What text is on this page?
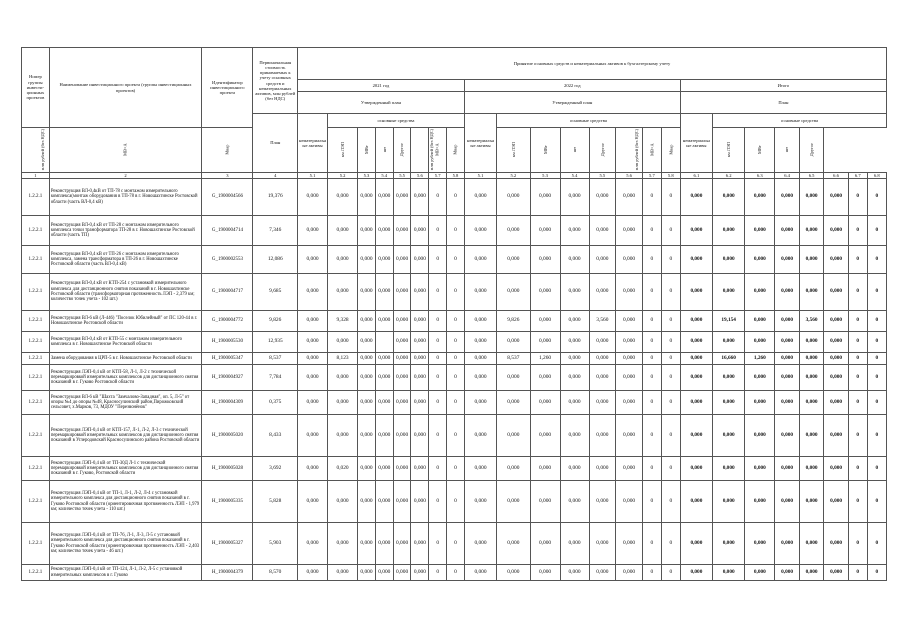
Номер группы инвести-ционных проектов	Наименование инвестиционного проекта (группы инвестиционных проектов)	Идентификатор инвестиционного проекта	Первоначальная стоимость принимаемых к учету основных средств и нематериальных активов, млн рублей (без НДС)	Принятие основных средств и нематериальных активов к бухгалтерскому учету																							
				2021 год								2022 год								Итого							
				Утвержденный план								Утвержденный план								План							
			План	нематериальные активы	основные средства							нематериальные активы	основные средства							нематериальные активы	основные средства						
млн рублей (без НДС)	МВ×А	Мвар			км ЛЭП	МВт	шт	Другое	млн рублей (без НДС)	МВ×А	Мвар		км ЛЭП	МВт	шт	Другое	млн рублей (без НДС)	МВ×А	Мвар		км ЛЭП	МВт	шт	Другое			
1	2	3	4	5.1	5.2	5.3	5.4	5.5	5.6	5.7	5.8	5.1	5.2	5.3	5.4	5.5	5.6	5.7	5.8	6.1	6.2	6.3	6.4	6.5	6.6	6.7	6.8
1.2.2.1	Реконструкция ВЛ-0,4кВ от ТП-78 с монтажом измерительного комплекса(монтаж оборудования в ТП-78 в г. Новошахтинске Ростовской области (часть ВЛ-0,4 кВ)	G_1900004566	19,376	0,000	0,000	0,000	0,000	0,000	0,000	0	0	0,000	0,000	0,000	0,000	0,000	0,000	0	0	0,000	0,000	0,000	0,000	0,000	0,000	0	0
1.2.2.1	Реконструкция ВЛ-0,4 кВ от ТП-28 с монтажом измерительного комплекса точки трансформатора ТП-28 в г. Новошахтинске Ростовской области (часть ТП)	G_1900004714	7,346	0,000	0,000	0,000	0,000	0,000	0,000	0	0	0,000	0,000	0,000	0,000	0,000	0,000	0	0	0,000	0,000	0,000	0,000	0,000	0,000	0	0
1.2.2.1	Реконструкция ВЛ-0,4 кВ от ТП-26 с монтажом измерительного комплекса, замена трансформатора в ТП-26 в г. Новошахтинске Ростовской области (часть ВЛ-0,4 кВ)	G_1900002553	12,086	0,000	0,000	0,000	0,000	0,000	0,000	0	0	0,000	0,000	0,000	0,000	0,000	0,000	0	0	0,000	0,000	0,000	0,000	0,000	0,000	0	0
1.2.2.1	Реконструкция ВЛ-0,4 кВ от КТП-254 с установкой измерительного комплекса для дистанционного снятия показаний в г. Новошахтинске Ростовской области (трансформаторная протяженность ЛЭП - 2,379 км; количество точек учета - 102 шт.)	G_1900004717	9,685	0,000	0,000	0,000	0,000	0,000	0,000	0	0	0,000	0,000	0,000	0,000	0,000	0,000	0	0	0,000	0,000	0,000	0,000	0,000	0,000	0	0
1.2.2.1	Реконструкция ВЛ-6 кВ (Л-446) "Поселок Юбилейный" от ПС 120-44 в г. Новошахтинске Ростовской области	G_1900004772	9,826	0,000	9,328	0,000	0,000	0,000	0,000	0	0	0,000	9,826	0,000	0,000	3,560	0,000	0	0	0,000	19,154	0,000	0,000	3,560	0,000	0	0
1.2.2.1	Реконструкция ВЛ-0,4 кВ от КТП-55 с монтажом измерительного комплекса в г. Новошахтинске Ростовской области	H_1900005530	12,935	0,000	0,000	0,000		0,000	0,000	0	0	0,000	0,000	0,000	0,000	0,000	0,000	0	0	0,000	0,000	0,000	0,000	0,000	0,000	0	0
1.2.2.1	Замена оборудования в ЦРП-5 в г. Новошахтинске Ростовской области	H_1900005347	8,537	0,000	8,123	0,000	0,000	0,000	0,000	0	0	0,000	8,537	1,260	0,000	0,000	0,000	0	0	0,000	16,660	1,260	0,000	0,000	0,000	0	0
1.2.2.1	Реконструкция ЛЭП-0,4 кВ от КТП-58, Л-1, Л-2 с технической перемаркировкой измерительных комплексов для дистанционного снятия показаний в г. Гуково Ростовской области	H_1900004927	7,784	0,000	0,000	0,000	0,000	0,000	0,000	0	0	0,000	0,000	0,000	0,000	0,000	0,000	0	0	0,000	0,000	0,000	0,000	0,000	0,000	0	0
1.2.2.1	Реконструкция ВЛ-6 кВ "Шахта "Замчалово-Западная", оп. 5, Л-5" от опоры №4 до опоры №48, Красносулинский район,Пирожковский сельсовет, х.Марков, 73, МДОУ "Перезвонёнок"	H_1900004309	0,375	0,000	0,000	0,000	0,000	0,000	0,000	0	0	0,000	0,000	0,000	0,000	0,000	0,000	0	0	0,000	0,000	0,000	0,000	0,000	0,000	0	0
1.2.2.1	Реконструкция ЛЭП-0,4 кВ от КТП-157, Л-1, Л-2, Л-3 с технической перемаркировкой измерительных комплексов для дистанционного снятия показаний в Углеродовский Красносулинского района Ростовской области	H_1900005020	8,433	0,000	0,000	0,000	0,000	0,000	0,000	0	0	0,000	0,000	0,000	0,000	0,000	0,000	0	0	0,000	0,000	0,000	0,000	0,000	0,000	0	0
1.2.2.1	Реконструкция ЛЭП-0,4 кВ от ТП-30Д Л-1 с технической перемаркировкой измерительных комплексов для дистанционного снятия показаний в г. Гуково, Ростовской области	H_1900005028	3,692	0,000	0,020	0,000	0,000	0,000	0,000	0	0	0,000	0,000	0,000	0,000	0,000	0,000	0	0	0,000	0,000	0,000	0,000	0,000	0,000	0	0
1.2.2.1	Реконструкция ЛЭП-0,4 кВ от ТП-1, Л-1, Л-2, Л-4 с установкой измерительного комплекса для дистанционного снятия показаний в г. Гуково Ростовской области (ориентировочная протяженность ЛЭП - 1,979 км; количество точек учета - 110 шт.)	H_1900005335	5,828	0,000	0,000	0,000	0,000	0,000	0,000	0	0	0,000	0,000	0,000	0,000	0,000	0,000	0	0	0,000	0,000	0,000	0,000	0,000	0,000	0	0
1.2.2.1	Реконструкция ЛЭП-0,4 кВ от ТП-76, Л-1, Л-3, Л-5 с установкой измерительного комплекса для дистанционного снятия показаний в г. Гуково Ростовской области (ориентировочная протяженность ЛЭП - 2,403 км; количество точек учета - 46 шт.)	H_1900005327	5,903	0,000	0,000	0,000	0,000	0,000	0,000	0	0	0,000	0,000	0,000	0,000	0,000	0,000	0	0	0,000	0,000	0,000	0,000	0,000	0,000	0	0
1.2.2.1	Реконструкция ЛЭП-0,4 кВ от ТП-124, Л-1, Л-2, Л-5 с установкой измерительных комплексов в г. Гуково	H_1900004379	8,570	0,000	0,000	0,000	0,000	0,000	0,000	0	0	0,000	0,000	0,000	0,000	0,000	0,000	0	0	0,000	0,000	0,000	0,000	0,000	0,000	0	0
